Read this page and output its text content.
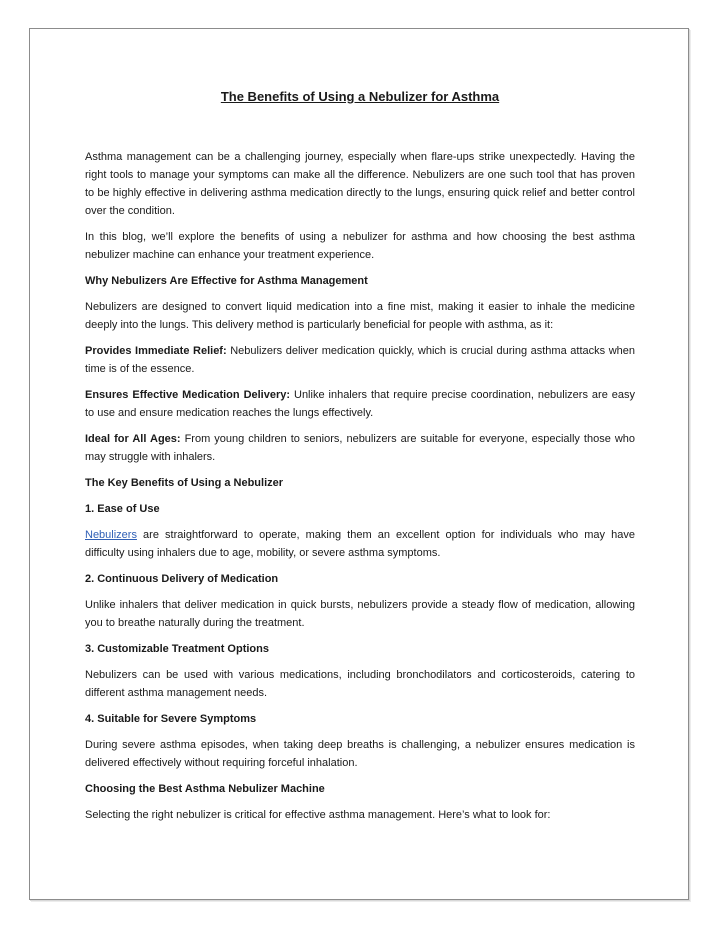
The Benefits of Using a Nebulizer for Asthma

Asthma management can be a challenging journey, especially when flare-ups strike unexpectedly. Having the right tools to manage your symptoms can make all the difference. Nebulizers are one such tool that has proven to be highly effective in delivering asthma medication directly to the lungs, ensuring quick relief and better control over the condition.

In this blog, we’ll explore the benefits of using a nebulizer for asthma and how choosing the best asthma nebulizer machine can enhance your treatment experience.

Why Nebulizers Are Effective for Asthma Management

Nebulizers are designed to convert liquid medication into a fine mist, making it easier to inhale the medicine deeply into the lungs. This delivery method is particularly beneficial for people with asthma, as it:

Provides Immediate Relief: Nebulizers deliver medication quickly, which is crucial during asthma attacks when time is of the essence.

Ensures Effective Medication Delivery: Unlike inhalers that require precise coordination, nebulizers are easy to use and ensure medication reaches the lungs effectively.

Ideal for All Ages: From young children to seniors, nebulizers are suitable for everyone, especially those who may struggle with inhalers.

The Key Benefits of Using a Nebulizer
1. Ease of Use

Nebulizers are straightforward to operate, making them an excellent option for individuals who may have difficulty using inhalers due to age, mobility, or severe asthma symptoms.

2. Continuous Delivery of Medication

Unlike inhalers that deliver medication in quick bursts, nebulizers provide a steady flow of medication, allowing you to breathe naturally during the treatment.

3. Customizable Treatment Options

Nebulizers can be used with various medications, including bronchodilators and corticosteroids, catering to different asthma management needs.

4. Suitable for Severe Symptoms

During severe asthma episodes, when taking deep breaths is challenging, a nebulizer ensures medication is delivered effectively without requiring forceful inhalation.

Choosing the Best Asthma Nebulizer Machine

Selecting the right nebulizer is critical for effective asthma management. Here’s what to look for:
